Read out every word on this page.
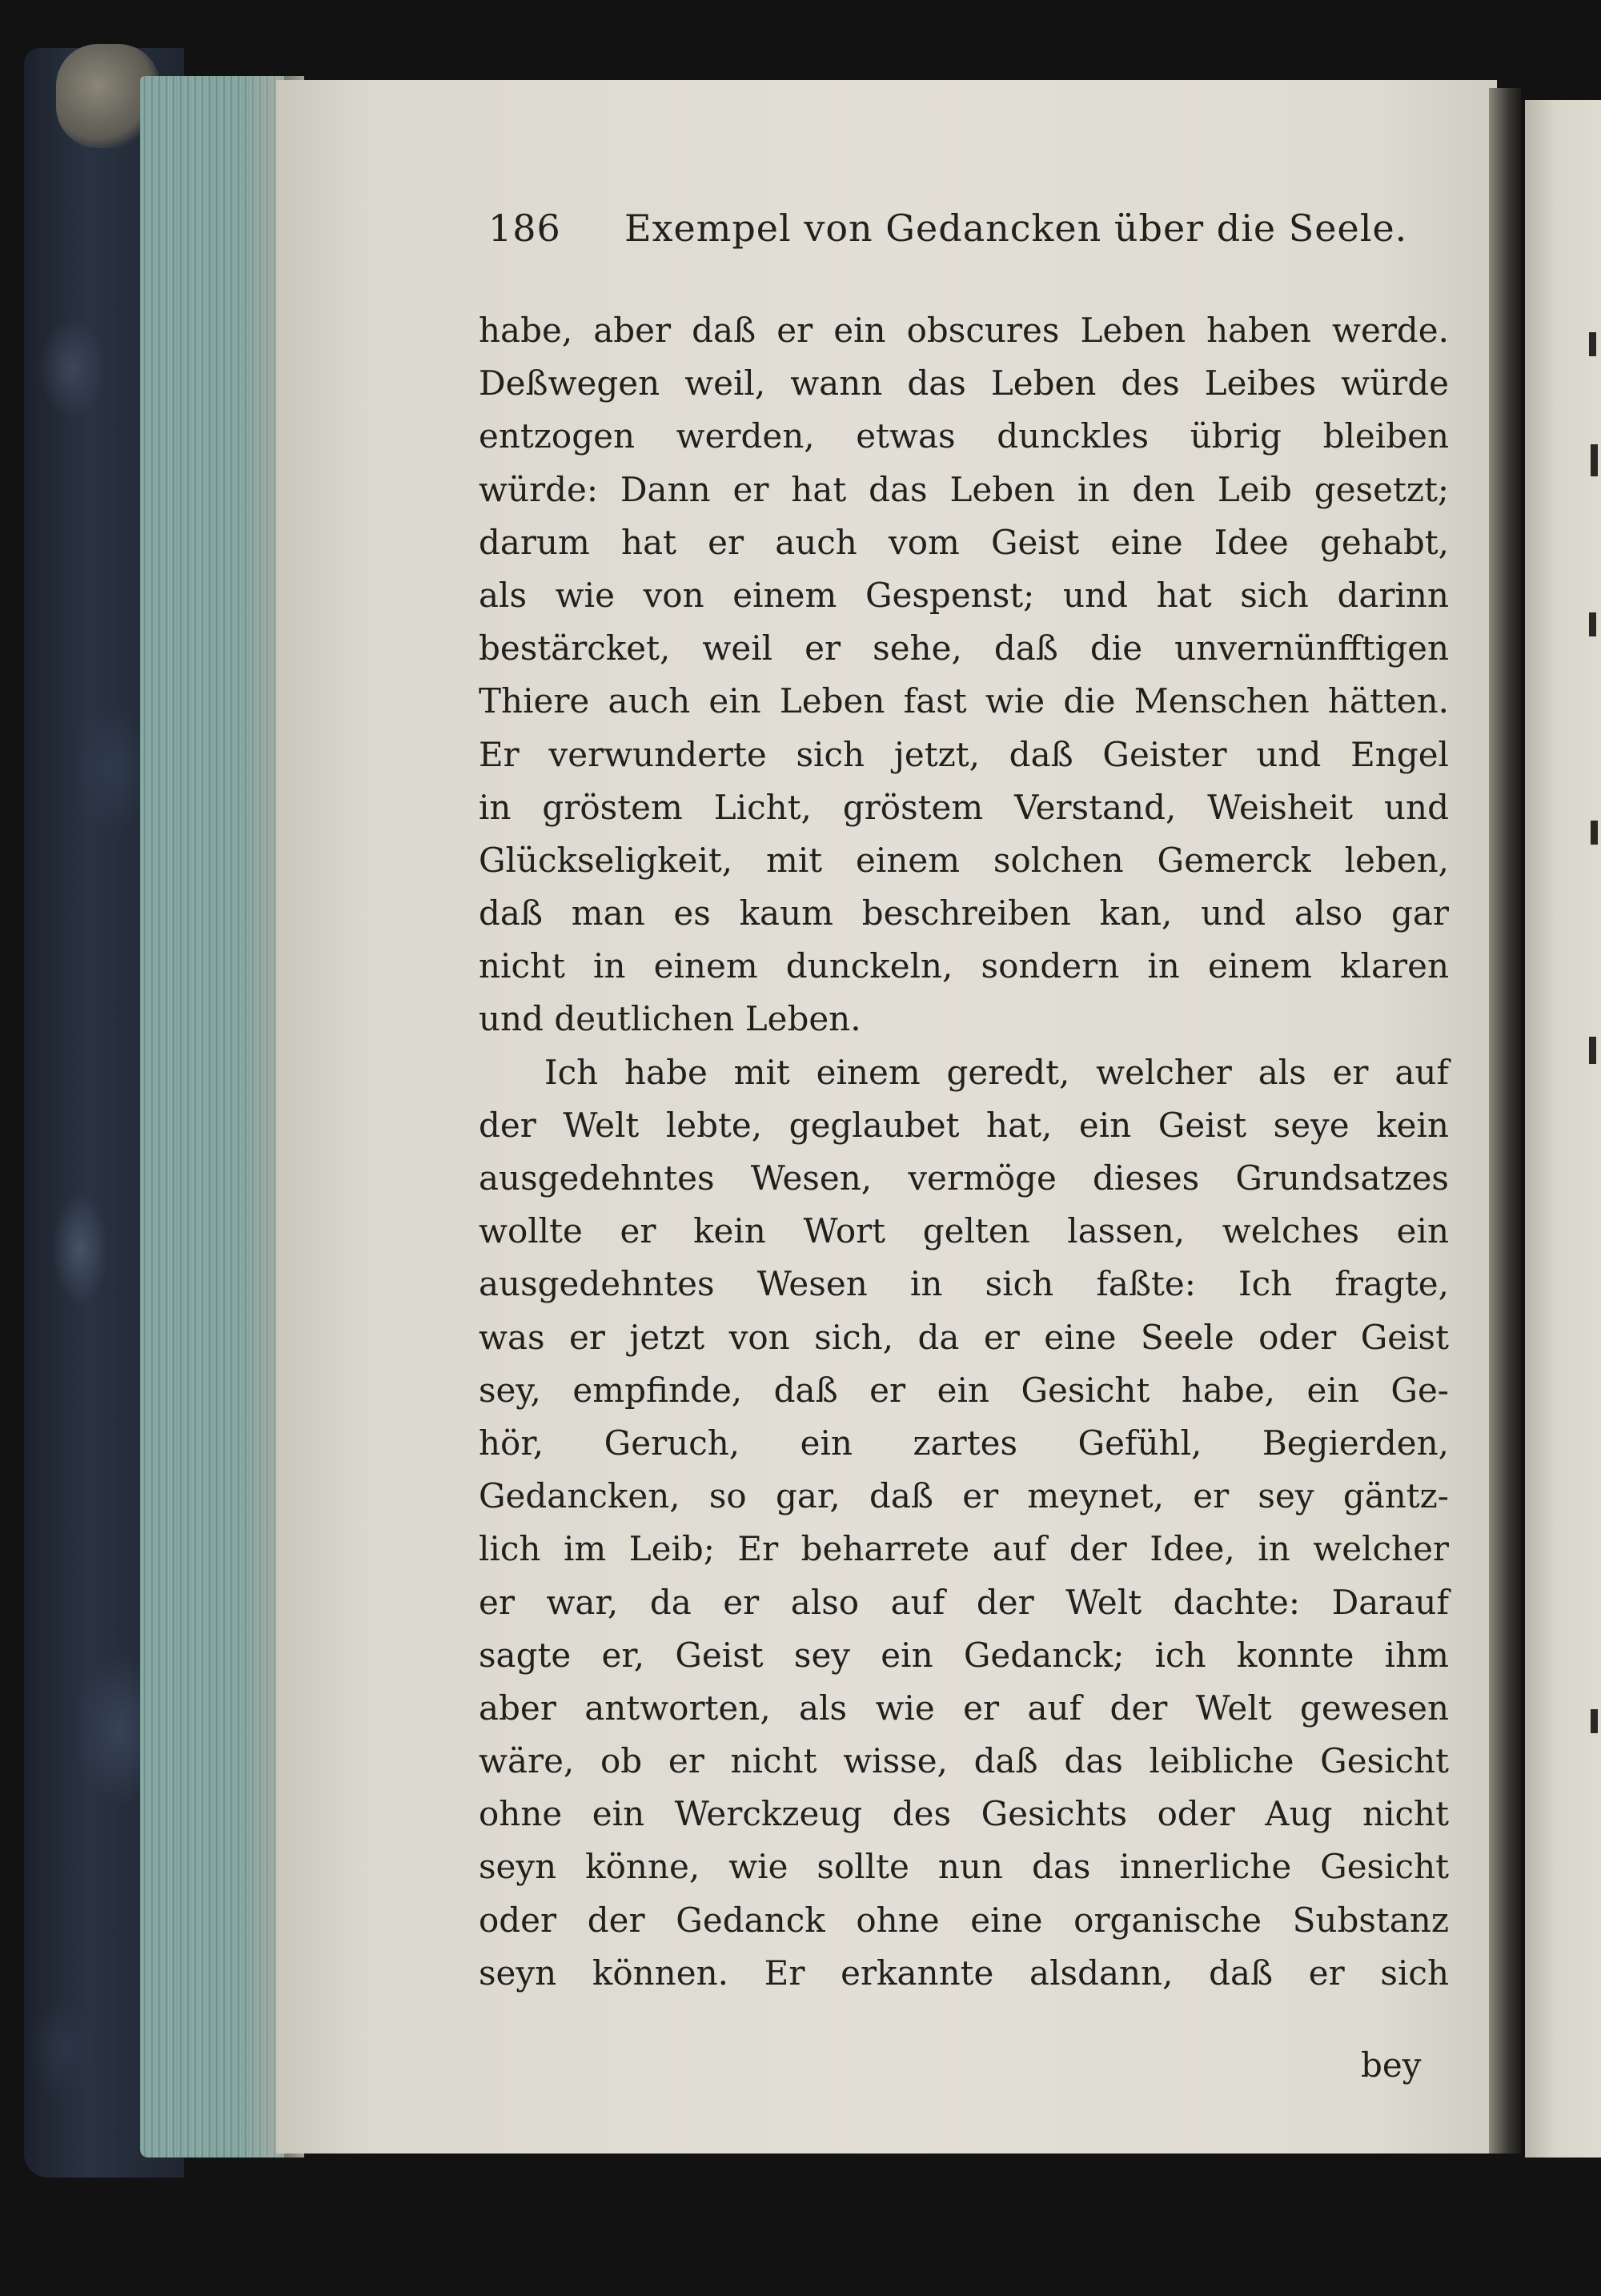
186 Exempel von Gedancken über die Seele.
habe, aber daß er ein obscures Leben haben werde.
Deßwegen weil, wann das Leben des Leibes würde
entzogen werden, etwas dunckles übrig bleiben
würde: Dann er hat das Leben in den Leib gesetzt;
darum hat er auch vom Geist eine Idee gehabt,
als wie von einem Gespenst; und hat sich darinn
bestärcket, weil er sehe, daß die unvernünfftigen
Thiere auch ein Leben fast wie die Menschen hätten.
Er verwunderte sich jetzt, daß Geister und Engel
in gröstem Licht, gröstem Verstand, Weisheit und
Glückseligkeit, mit einem solchen Gemerck leben,
daß man es kaum beschreiben kan, und also gar
nicht in einem dunckeln, sondern in einem klaren
und deutlichen Leben.
Ich habe mit einem geredt, welcher als er auf
der Welt lebte, geglaubet hat, ein Geist seye kein
ausgedehntes Wesen, vermöge dieses Grundsatzes
wollte er kein Wort gelten lassen, welches ein
ausgedehntes Wesen in sich faßte: Ich fragte,
was er jetzt von sich, da er eine Seele oder Geist
sey, empfinde, daß er ein Gesicht habe, ein Ge-
hör, Geruch, ein zartes Gefühl, Begierden,
Gedancken, so gar, daß er meynet, er sey gäntz-
lich im Leib; Er beharrete auf der Idee, in welcher
er war, da er also auf der Welt dachte: Darauf
sagte er, Geist sey ein Gedanck; ich konnte ihm
aber antworten, als wie er auf der Welt gewesen
wäre, ob er nicht wisse, daß das leibliche Gesicht
ohne ein Werckzeug des Gesichts oder Aug nicht
seyn könne, wie sollte nun das innerliche Gesicht
oder der Gedanck ohne eine organische Substanz
seyn können. Er erkannte alsdann, daß er sich
bey
